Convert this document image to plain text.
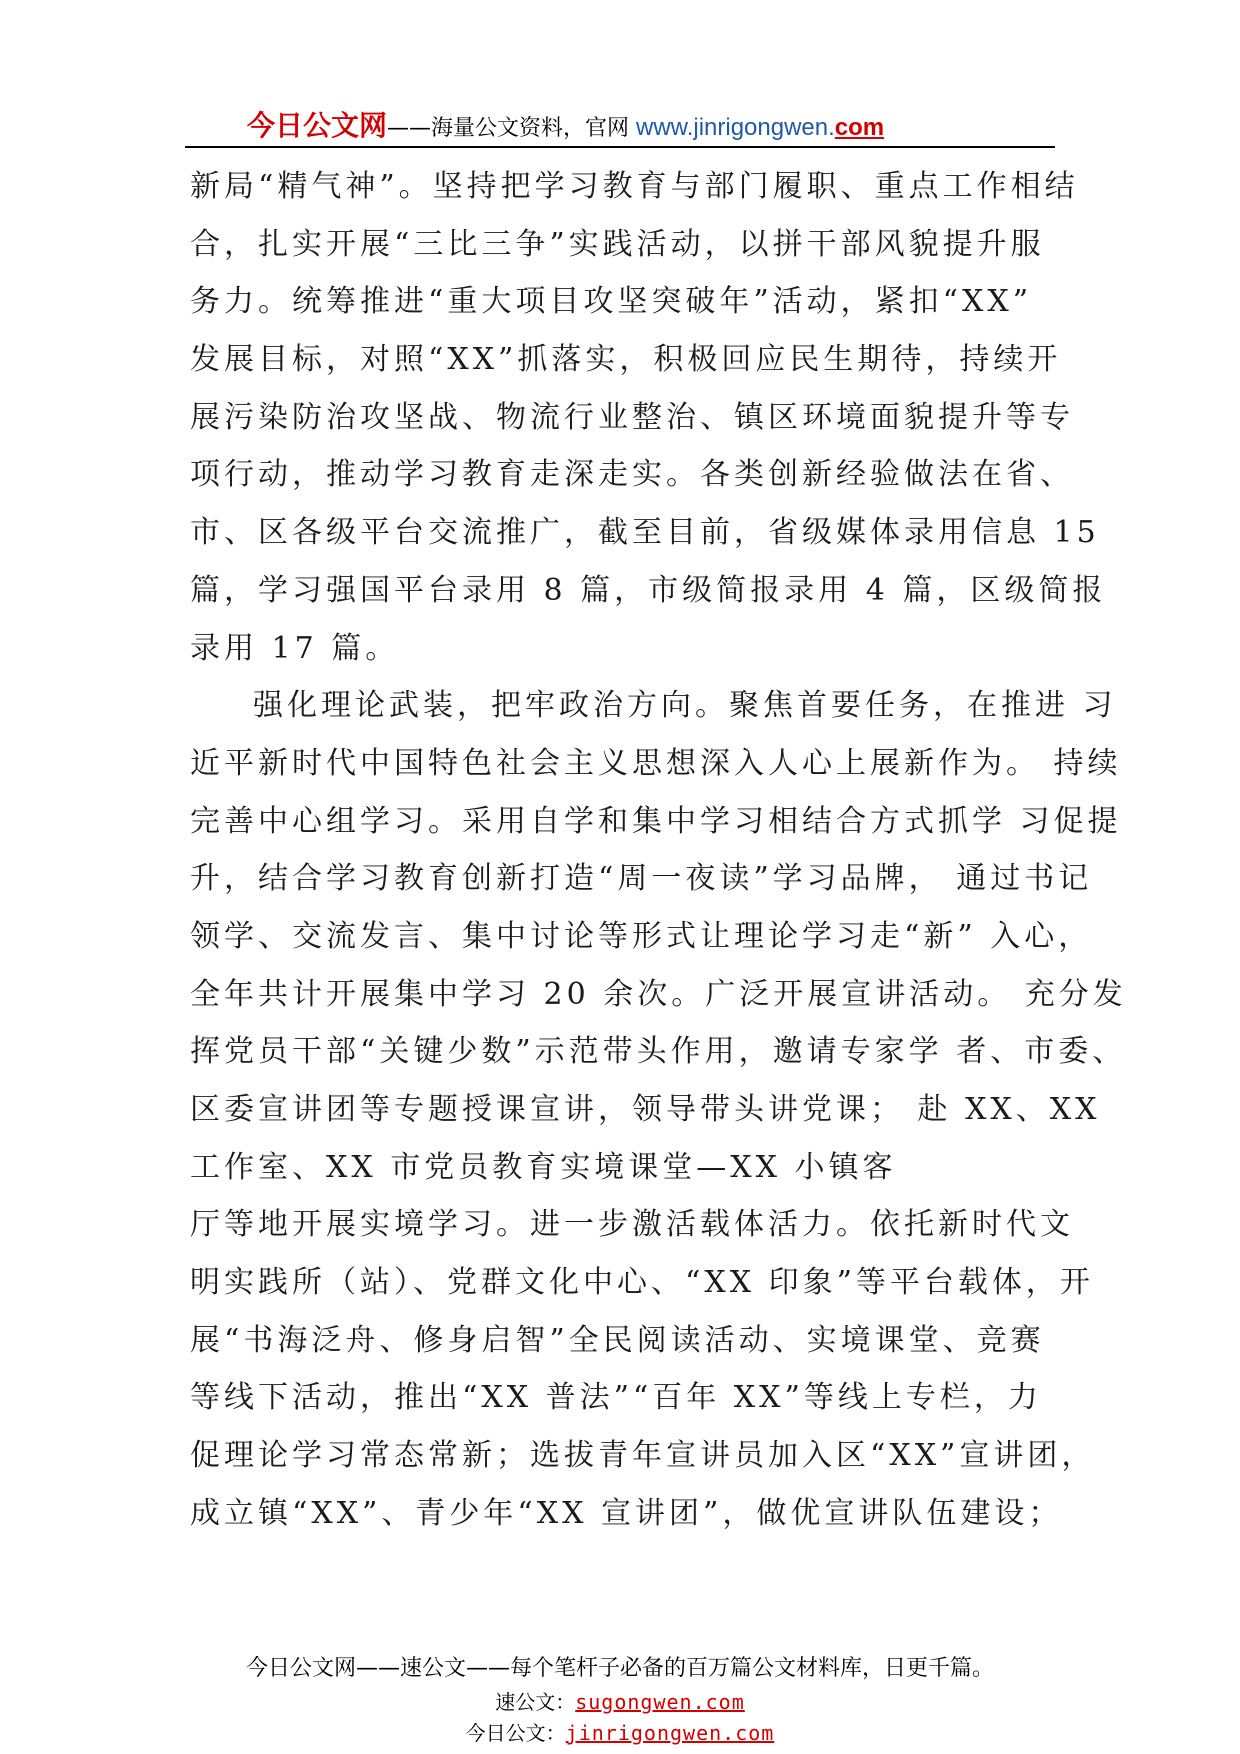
今日公文网——海量公文资料，官网 www.jinrigongwen.com
新局“精气神”。坚持把学习教育与部门履职、重点工作相结
合，扎实开展“三比三争”实践活动，以拼干部风貌提升服
务力。统筹推进“重大项目攻坚突破年”活动，紧扣“XX”
发展目标，对照“XX”抓落实，积极回应民生期待，持续开
展污染防治攻坚战、物流行业整治、镇区环境面貌提升等专
项行动，推动学习教育走深走实。各类创新经验做法在省、
市、区各级平台交流推广，截至目前，省级媒体录用信息 15
篇，学习强国平台录用 8 篇，市级简报录用 4 篇，区级简报
录用 17 篇。
强化理论武装，把牢政治方向。聚焦首要任务，在推进 习
近平新时代中国特色社会主义思想深入人心上展新作为。 持续
完善中心组学习。采用自学和集中学习相结合方式抓学 习促提
升，结合学习教育创新打造“周一夜读”学习品牌， 通过书记
领学、交流发言、集中讨论等形式让理论学习走“新” 入心，
全年共计开展集中学习 20 余次。广泛开展宣讲活动。 充分发
挥党员干部“关键少数”示范带头作用，邀请专家学 者、市委、
区委宣讲团等专题授课宣讲，领导带头讲党课； 赴 XX、XX
工作室、XX 市党员教育实境课堂—XX 小镇客
厅等地开展实境学习。进一步激活载体活力。依托新时代文
明实践所（站）、党群文化中心、“XX 印象”等平台载体，开
展“书海泛舟、修身启智”全民阅读活动、实境课堂、竞赛
等线下活动，推出“XX 普法”“百年 XX”等线上专栏，力
促理论学习常态常新；选拔青年宣讲员加入区“XX”宣讲团，
成立镇“XX”、青少年“XX 宣讲团”，做优宣讲队伍建设；
今日公文网——速公文——每个笔杆子必备的百万篇公文材料库，日更千篇。
速公文：sugongwen.com
今日公文：jinrigongwen.com
